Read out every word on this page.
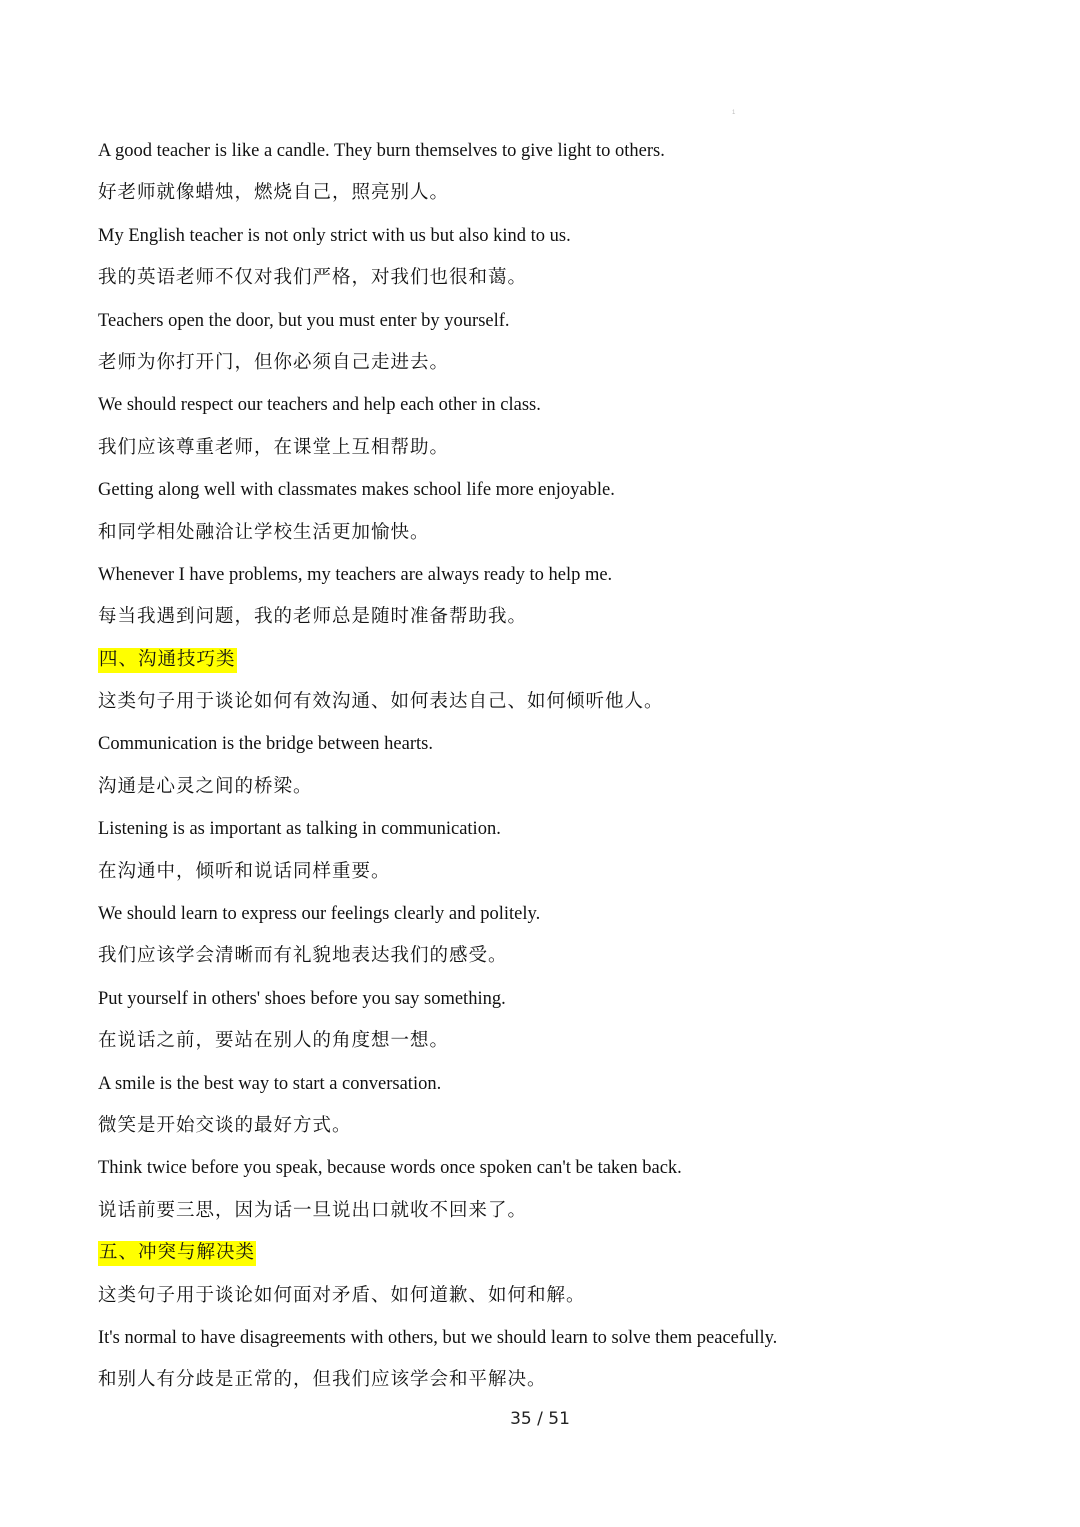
1
A good teacher is like a candle. They burn themselves to give light to others.
好老师就像蜡烛，燃烧自己，照亮别人。
My English teacher is not only strict with us but also kind to us.
我的英语老师不仅对我们严格，对我们也很和蔼。
Teachers open the door, but you must enter by yourself.
老师为你打开门，但你必须自己走进去。
We should respect our teachers and help each other in class.
我们应该尊重老师，在课堂上互相帮助。
Getting along well with classmates makes school life more enjoyable.
和同学相处融洽让学校生活更加愉快。
Whenever I have problems, my teachers are always ready to help me.
每当我遇到问题，我的老师总是随时准备帮助我。
四、沟通技巧类
这类句子用于谈论如何有效沟通、如何表达自己、如何倾听他人。
Communication is the bridge between hearts.
沟通是心灵之间的桥梁。
Listening is as important as talking in communication.
在沟通中，倾听和说话同样重要。
We should learn to express our feelings clearly and politely.
我们应该学会清晰而有礼貌地表达我们的感受。
Put yourself in others' shoes before you say something.
在说话之前，要站在别人的角度想一想。
A smile is the best way to start a conversation.
微笑是开始交谈的最好方式。
Think twice before you speak, because words once spoken can't be taken back.
说话前要三思，因为话一旦说出口就收不回来了。
五、冲突与解决类
这类句子用于谈论如何面对矛盾、如何道歉、如何和解。
It's normal to have disagreements with others, but we should learn to solve them peacefully.
和别人有分歧是正常的，但我们应该学会和平解决。
35 / 51
